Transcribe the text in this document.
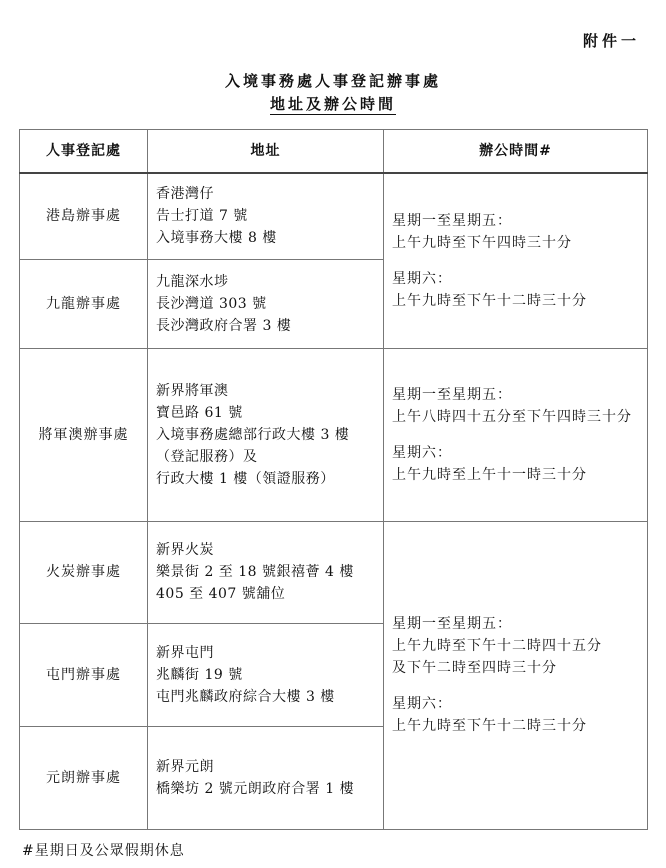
附件一
入境事務處人事登記辦事處
地址及辦公時間
人事登記處	地址	辦公時間#
港島辦事處	香港灣仔
告士打道 7 號
入境事務大樓 8 樓	星期一至星期五：
上午九時至下午四時三十分
星期六：
上午九時至下午十二時三十分

九龍辦事處	九龍深水埗
長沙灣道 303 號
長沙灣政府合署 3 樓	

將軍澳辦事處	新界將軍澳
寶邑路 61 號
入境事務處總部行政大樓 3 樓
（登記服務）及
行政大樓 1 樓（領證服務）	星期一至星期五：
上午八時四十五分至下午四時三十分
星期六：
上午九時至上午十一時三十分

火炭辦事處	新界火炭
樂景街 2 至 18 號銀禧薈 4 樓
405 至 407 號舖位	星期一至星期五：
上午九時至下午十二時四十五分
及下午二時至四時三十分
星期六：
上午九時至下午十二時三十分

屯門辦事處	新界屯門
兆麟街 19 號
屯門兆麟政府綜合大樓 3 樓	

元朗辦事處	新界元朗
橋樂坊 2 號元朗政府合署 1 樓	
#星期日及公眾假期休息
